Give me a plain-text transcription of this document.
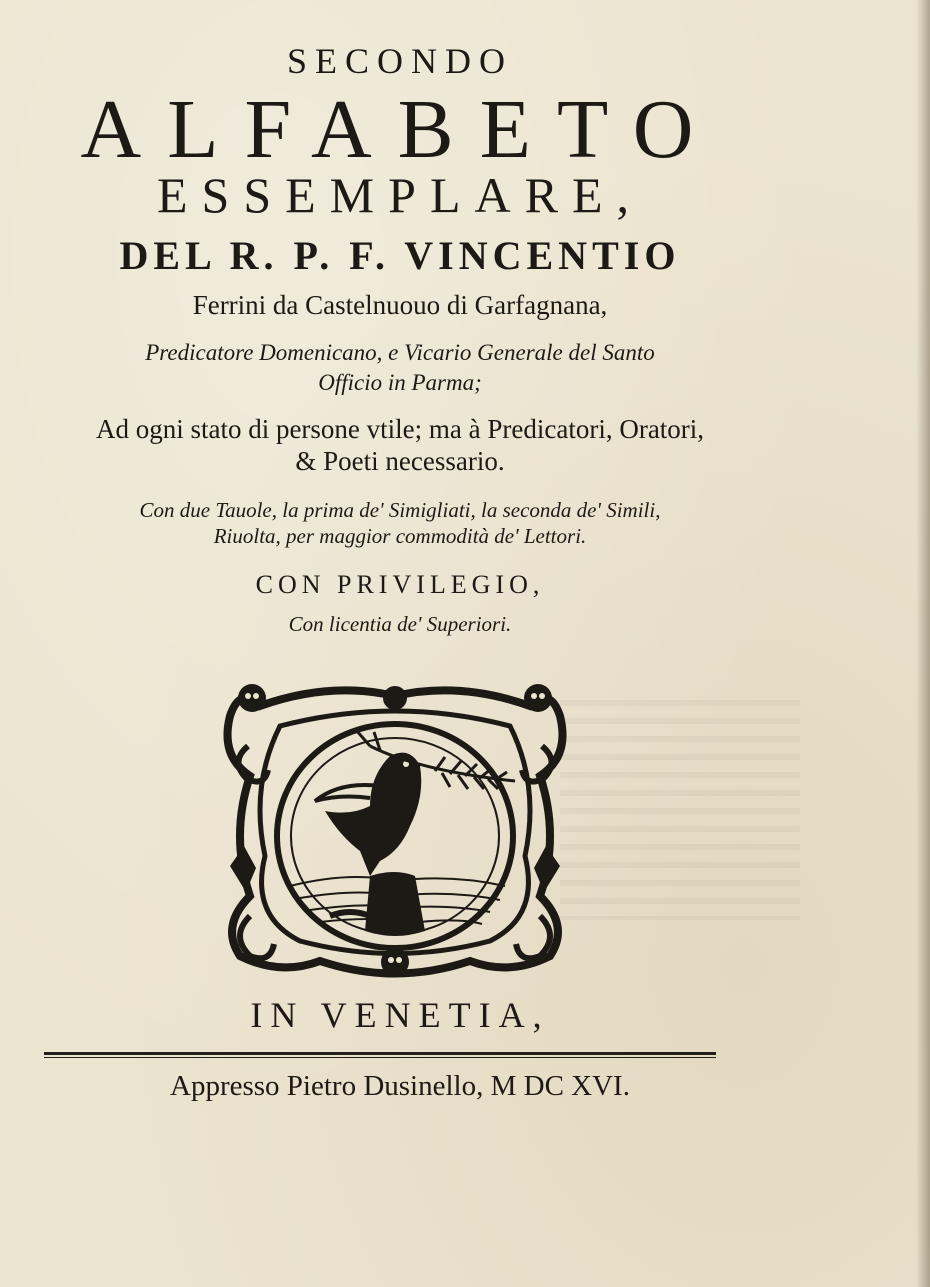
SECONDO
ALFABETO
ESSEMPLARE,
DEL R. P. F. VINCENTIO
Ferrini da Castelnuouo di Garfagnana,
Predicatore Domenicano, e Vicario Generale del Santo
Officio in Parma;
Ad ogni stato di persone vtile; ma à Predicatori, Oratori,
& Poeti necessario.
Con due Tauole, la prima de' Simigliati, la seconda de' Simili,
Riuolta, per maggior commodità de' Lettori.
CON PRIVILEGIO,
Con licentia de' Superiori.
IN VENETIA,
Appresso Pietro Dusinello, M DC XVI.
